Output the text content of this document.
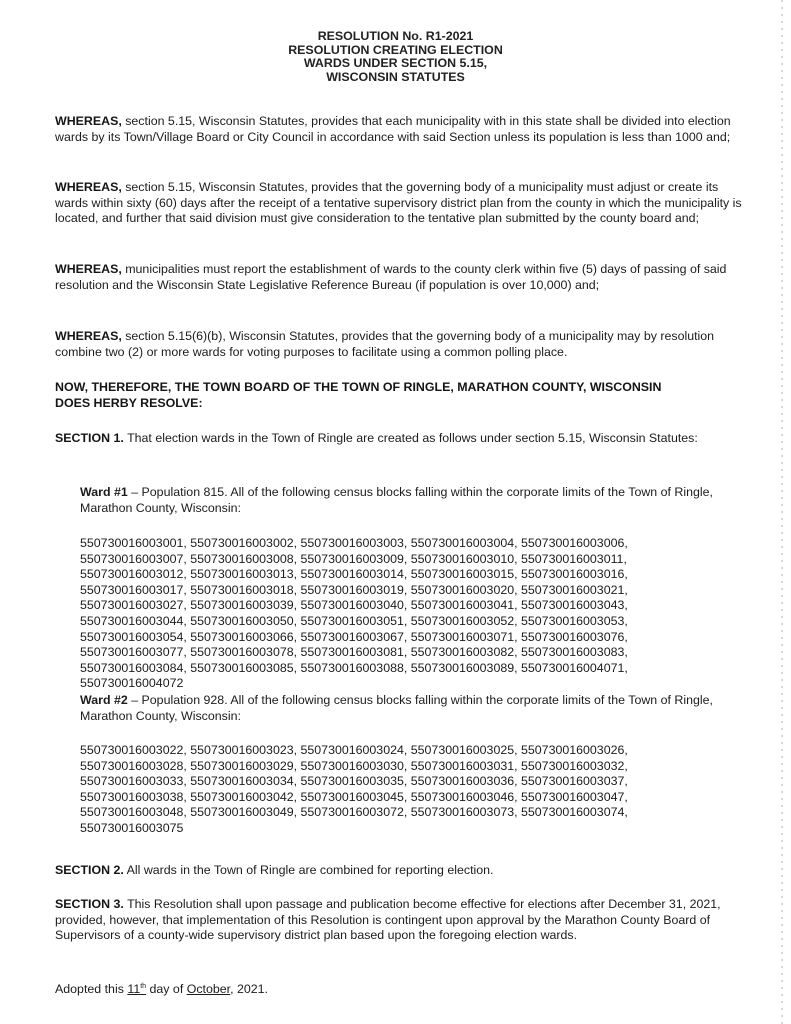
RESOLUTION No. R1-2021
RESOLUTION CREATING ELECTION
WARDS UNDER SECTION 5.15,
WISCONSIN STATUTES

WHEREAS, section 5.15, Wisconsin Statutes, provides that each municipality with in this state shall be divided into election wards by its Town/Village Board or City Council in accordance with said Section unless its population is less than 1000 and;

WHEREAS, section 5.15, Wisconsin Statutes, provides that the governing body of a municipality must adjust or create its wards within sixty (60) days after the receipt of a tentative supervisory district plan from the county in which the municipality is located, and further that said division must give consideration to the tentative plan submitted by the county board and;

WHEREAS, municipalities must report the establishment of wards to the county clerk within five (5) days of passing of said resolution and the Wisconsin State Legislative Reference Bureau (if population is over 10,000) and;

WHEREAS, section 5.15(6)(b), Wisconsin Statutes, provides that the governing body of a municipality may by resolution combine two (2) or more wards for voting purposes to facilitate using a common polling place.

NOW, THEREFORE, THE TOWN BOARD OF THE TOWN OF RINGLE, MARATHON COUNTY, WISCONSIN DOES HERBY RESOLVE:

SECTION 1. That election wards in the Town of Ringle are created as follows under section 5.15, Wisconsin Statutes:

Ward #1 – Population 815. All of the following census blocks falling within the corporate limits of the Town of Ringle, Marathon County, Wisconsin:

550730016003001, 550730016003002, 550730016003003, 550730016003004, 550730016003006,
550730016003007, 550730016003008, 550730016003009, 550730016003010, 550730016003011,
550730016003012, 550730016003013, 550730016003014, 550730016003015, 550730016003016,
550730016003017, 550730016003018, 550730016003019, 550730016003020, 550730016003021,
550730016003027, 550730016003039, 550730016003040, 550730016003041, 550730016003043,
550730016003044, 550730016003050, 550730016003051, 550730016003052, 550730016003053,
550730016003054, 550730016003066, 550730016003067, 550730016003071, 550730016003076,
550730016003077, 550730016003078, 550730016003081, 550730016003082, 550730016003083,
550730016003084, 550730016003085, 550730016003088, 550730016003089, 550730016004071,
550730016004072

Ward #2 – Population 928. All of the following census blocks falling within the corporate limits of the Town of Ringle, Marathon County, Wisconsin:

550730016003022, 550730016003023, 550730016003024, 550730016003025, 550730016003026,
550730016003028, 550730016003029, 550730016003030, 550730016003031, 550730016003032,
550730016003033, 550730016003034, 550730016003035, 550730016003036, 550730016003037,
550730016003038, 550730016003042, 550730016003045, 550730016003046, 550730016003047,
550730016003048, 550730016003049, 550730016003072, 550730016003073, 550730016003074,
550730016003075

SECTION 2. All wards in the Town of Ringle are combined for reporting election.

SECTION 3. This Resolution shall upon passage and publication become effective for elections after December 31, 2021, provided, however, that implementation of this Resolution is contingent upon approval by the Marathon County Board of Supervisors of a county-wide supervisory district plan based upon the foregoing election wards.

Adopted this 11th day of October, 2021.
